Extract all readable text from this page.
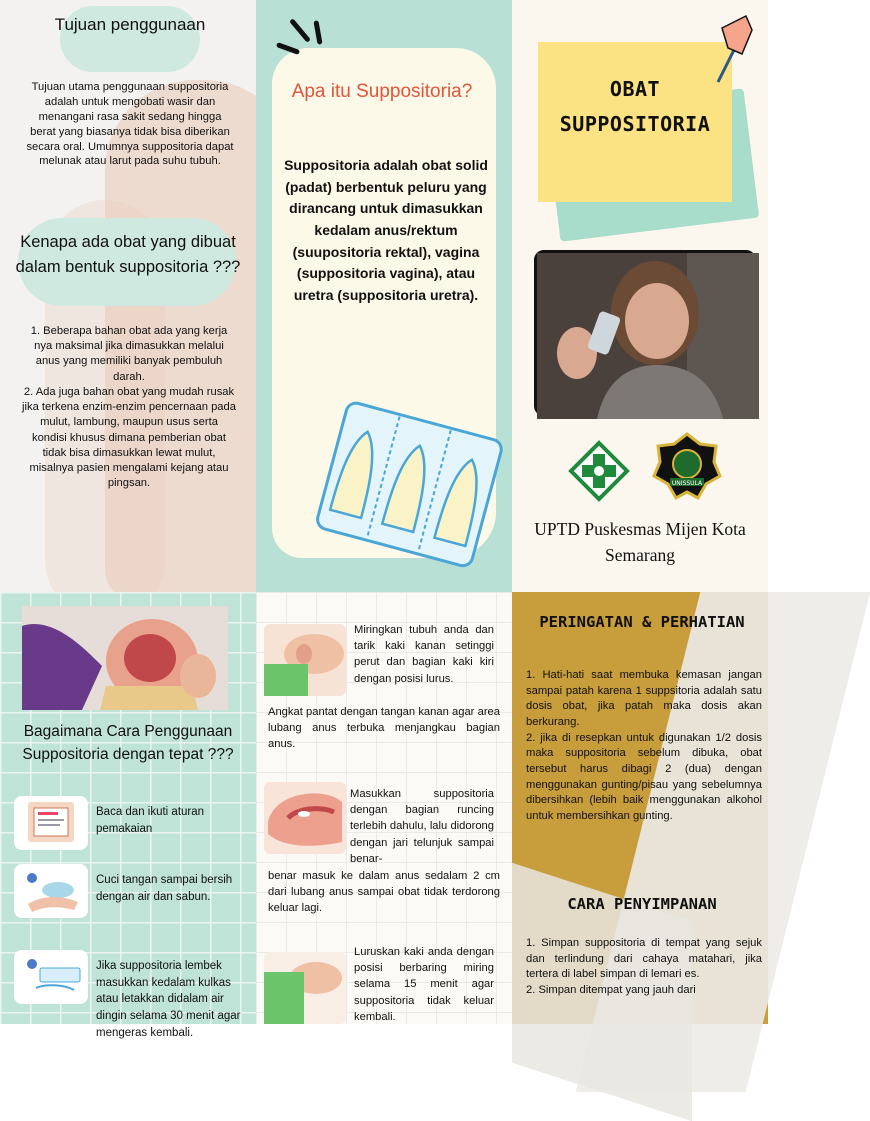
Tujuan penggunaan

Tujuan utama penggunaan suppositoria adalah untuk mengobati wasir dan menangani rasa sakit sedang hingga berat yang biasanya tidak bisa diberikan secara oral. Umumnya suppositoria dapat melunak atau larut pada suhu tubuh.

Kenapa ada obat yang dibuat dalam bentuk suppositoria ???

1. Beberapa bahan obat ada yang kerja nya maksimal jika dimasukkan melalui anus yang memiliki banyak pembuluh darah.

2. Ada juga bahan obat yang mudah rusak jika terkena enzim-enzim pencernaan pada mulut, lambung, maupun usus serta kondisi khusus dimana pemberian obat tidak bisa dimasukkan lewat mulut, misalnya pasien mengalami kejang atau pingsan.

Apa itu Suppositoria?

Suppositoria adalah obat solid (padat) berbentuk peluru yang dirancang untuk dimasukkan kedalam anus/rektum (suupositoria rektal), vagina (suppositoria vagina), atau uretra (suppositoria uretra).

OBAT SUPPOSITORIA
UNISSULA

UPTD Puskesmas Mijen Kota Semarang

Bagaimana Cara Penggunaan Suppositoria dengan tepat ???

Baca dan ikuti aturan pemakaian

Cuci tangan sampai bersih dengan air dan sabun.

Jika suppositoria lembek masukkan kedalam kulkas atau letakkan didalam air dingin selama 30 menit agar mengeras kembali.

Miringkan tubuh anda dan tarik kaki kanan setinggi perut dan bagian kaki kiri dengan posisi lurus.

Angkat pantat dengan tangan kanan agar area lubang anus terbuka menjangkau bagian anus.

Masukkan suppositoria dengan bagian runcing terlebih dahulu, lalu didorong dengan jari telunjuk sampai benar-

benar masuk ke dalam anus sedalam 2 cm dari lubang anus sampai obat tidak terdorong keluar lagi.

Luruskan kaki anda dengan posisi berbaring miring selama 15 menit agar suppositoria tidak keluar kembali.

PERINGATAN & PERHATIAN
1. Hati-hati saat membuka kemasan jangan sampai patah karena 1 suppsitoria adalah satu dosis obat, jika patah maka dosis akan berkurang.
2. jika di resepkan untuk digunakan 1/2 dosis maka suppositoria sebelum dibuka, obat tersebut harus dibagi 2 (dua) dengan menggunakan gunting/pisau yang sebelumnya dibersihkan (lebih baik menggunakan alkohol untuk membersihkan gunting.
CARA PENYIMPANAN
1. Simpan suppositoria di tempat yang sejuk dan terlindung dari cahaya matahari, jika tertera di label simpan di lemari es.
2. Simpan ditempat yang jauh dari
